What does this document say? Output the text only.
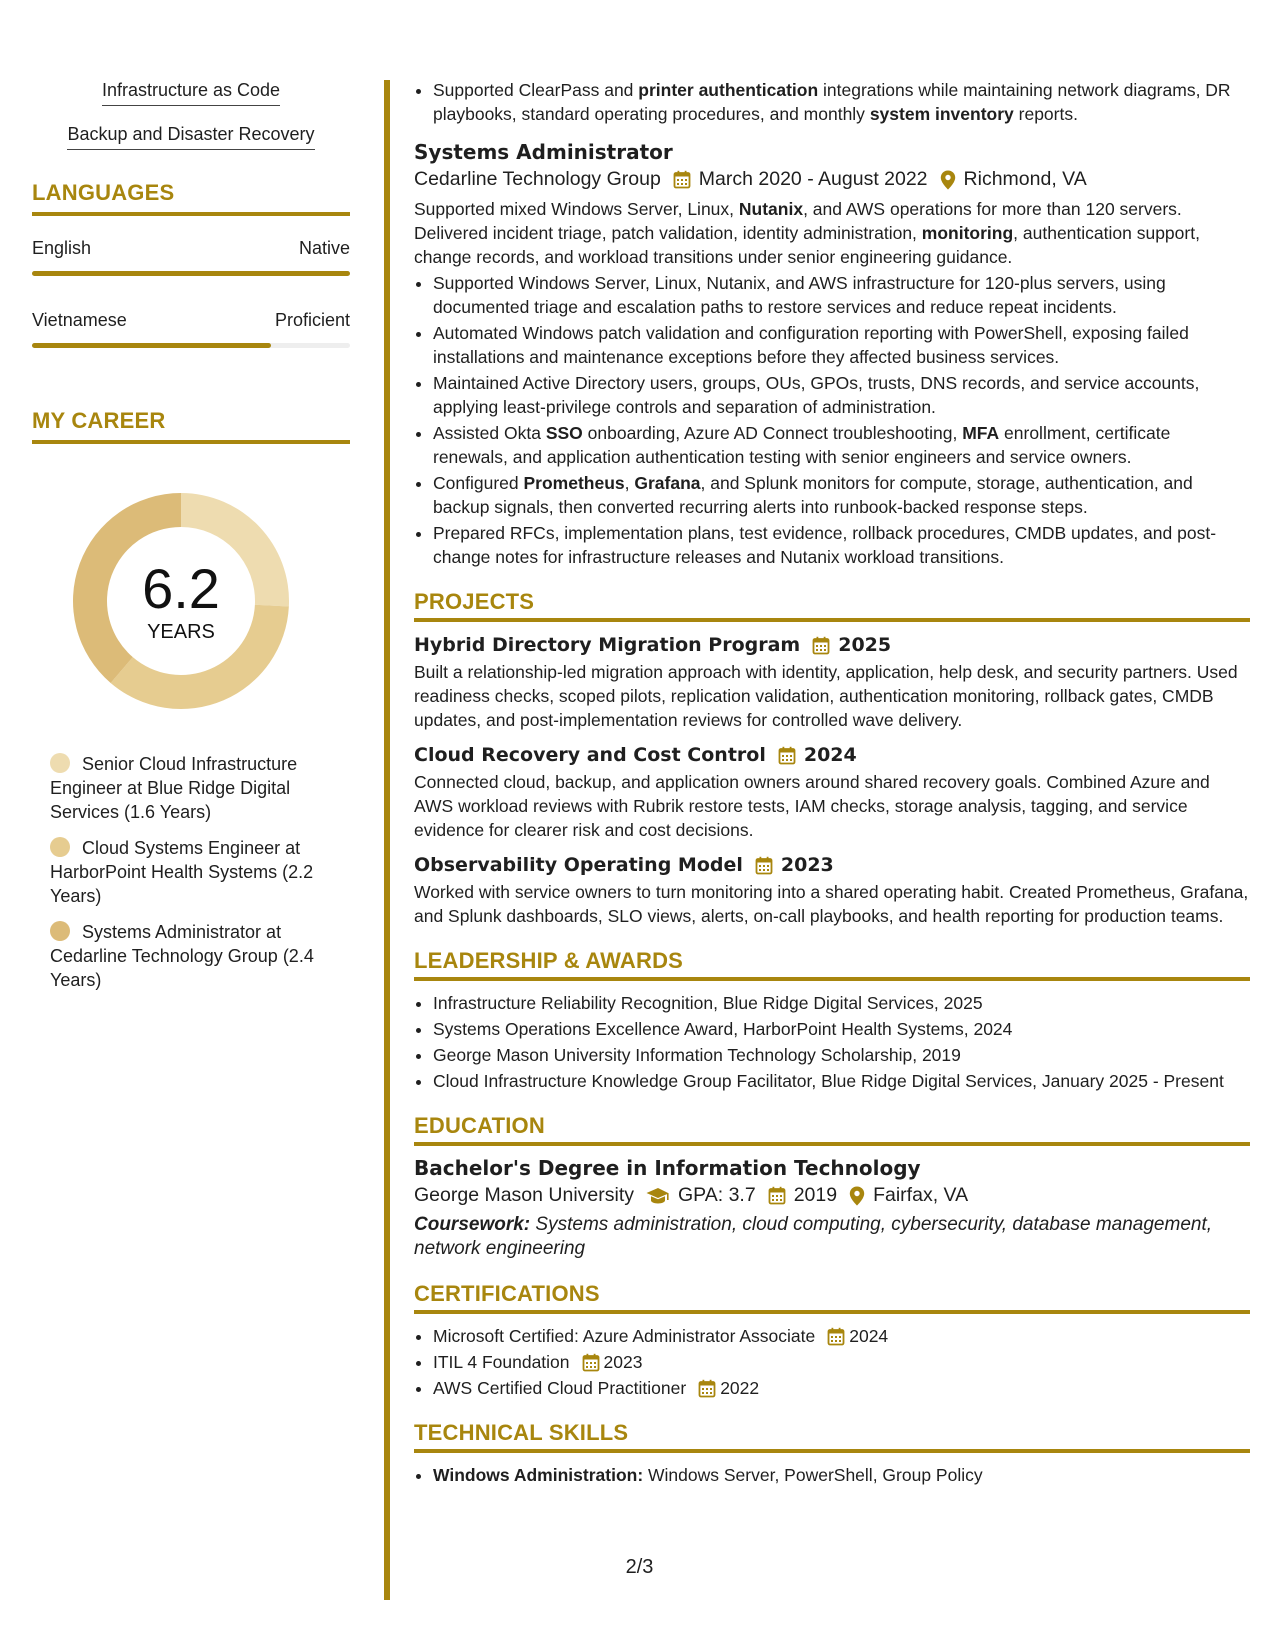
Infrastructure as Code
Backup and Disaster Recovery
LANGUAGES
English	Native
Vietnamese	Proficient
MY CAREER
6.2
YEARS
Senior Cloud Infrastructure Engineer at Blue Ridge Digital Services (1.6 Years)
Cloud Systems Engineer at HarborPoint Health Systems (2.2 Years)
Systems Administrator at Cedarline Technology Group (2.4 Years)
• Supported ClearPass and printer authentication integrations while maintaining network diagrams, DR playbooks, standard operating procedures, and monthly system inventory reports.
Systems Administrator
Cedarline Technology Group March 2020 - August 2022 Richmond, VA

Supported mixed Windows Server, Linux, Nutanix, and AWS operations for more than 120 servers. Delivered incident triage, patch validation, identity administration, monitoring, authentication support, change records, and workload transitions under senior engineering guidance.

• Supported Windows Server, Linux, Nutanix, and AWS infrastructure for 120-plus servers, using documented triage and escalation paths to restore services and reduce repeat incidents.
• Automated Windows patch validation and configuration reporting with PowerShell, exposing failed installations and maintenance exceptions before they affected business services.
• Maintained Active Directory users, groups, OUs, GPOs, trusts, DNS records, and service accounts, applying least-privilege controls and separation of administration.
• Assisted Okta SSO onboarding, Azure AD Connect troubleshooting, MFA enrollment, certificate renewals, and application authentication testing with senior engineers and service owners.
• Configured Prometheus, Grafana, and Splunk monitors for compute, storage, authentication, and backup signals, then converted recurring alerts into runbook-backed response steps.
• Prepared RFCs, implementation plans, test evidence, rollback procedures, CMDB updates, and post-change notes for infrastructure releases and Nutanix workload transitions.
PROJECTS
Hybrid Directory Migration Program 2025

Built a relationship-led migration approach with identity, application, help desk, and security partners. Used readiness checks, scoped pilots, replication validation, authentication monitoring, rollback gates, CMDB updates, and post-implementation reviews for controlled wave delivery.

Cloud Recovery and Cost Control 2024

Connected cloud, backup, and application owners around shared recovery goals. Combined Azure and AWS workload reviews with Rubrik restore tests, IAM checks, storage analysis, tagging, and service evidence for clearer risk and cost decisions.

Observability Operating Model 2023

Worked with service owners to turn monitoring into a shared operating habit. Created Prometheus, Grafana, and Splunk dashboards, SLO views, alerts, on-call playbooks, and health reporting for production teams.

LEADERSHIP & AWARDS
• Infrastructure Reliability Recognition, Blue Ridge Digital Services, 2025
• Systems Operations Excellence Award, HarborPoint Health Systems, 2024
• George Mason University Information Technology Scholarship, 2019
• Cloud Infrastructure Knowledge Group Facilitator, Blue Ridge Digital Services, January 2025 - Present
EDUCATION
Bachelor's Degree in Information Technology
George Mason University GPA: 3.7 2019 Fairfax, VA
Coursework: Systems administration, cloud computing, cybersecurity, database management, network engineering
CERTIFICATIONS
• Microsoft Certified: Azure Administrator Associate 2024
• ITIL 4 Foundation 2023
• AWS Certified Cloud Practitioner 2022
TECHNICAL SKILLS
• Windows Administration: Windows Server, PowerShell, Group Policy
2/3
